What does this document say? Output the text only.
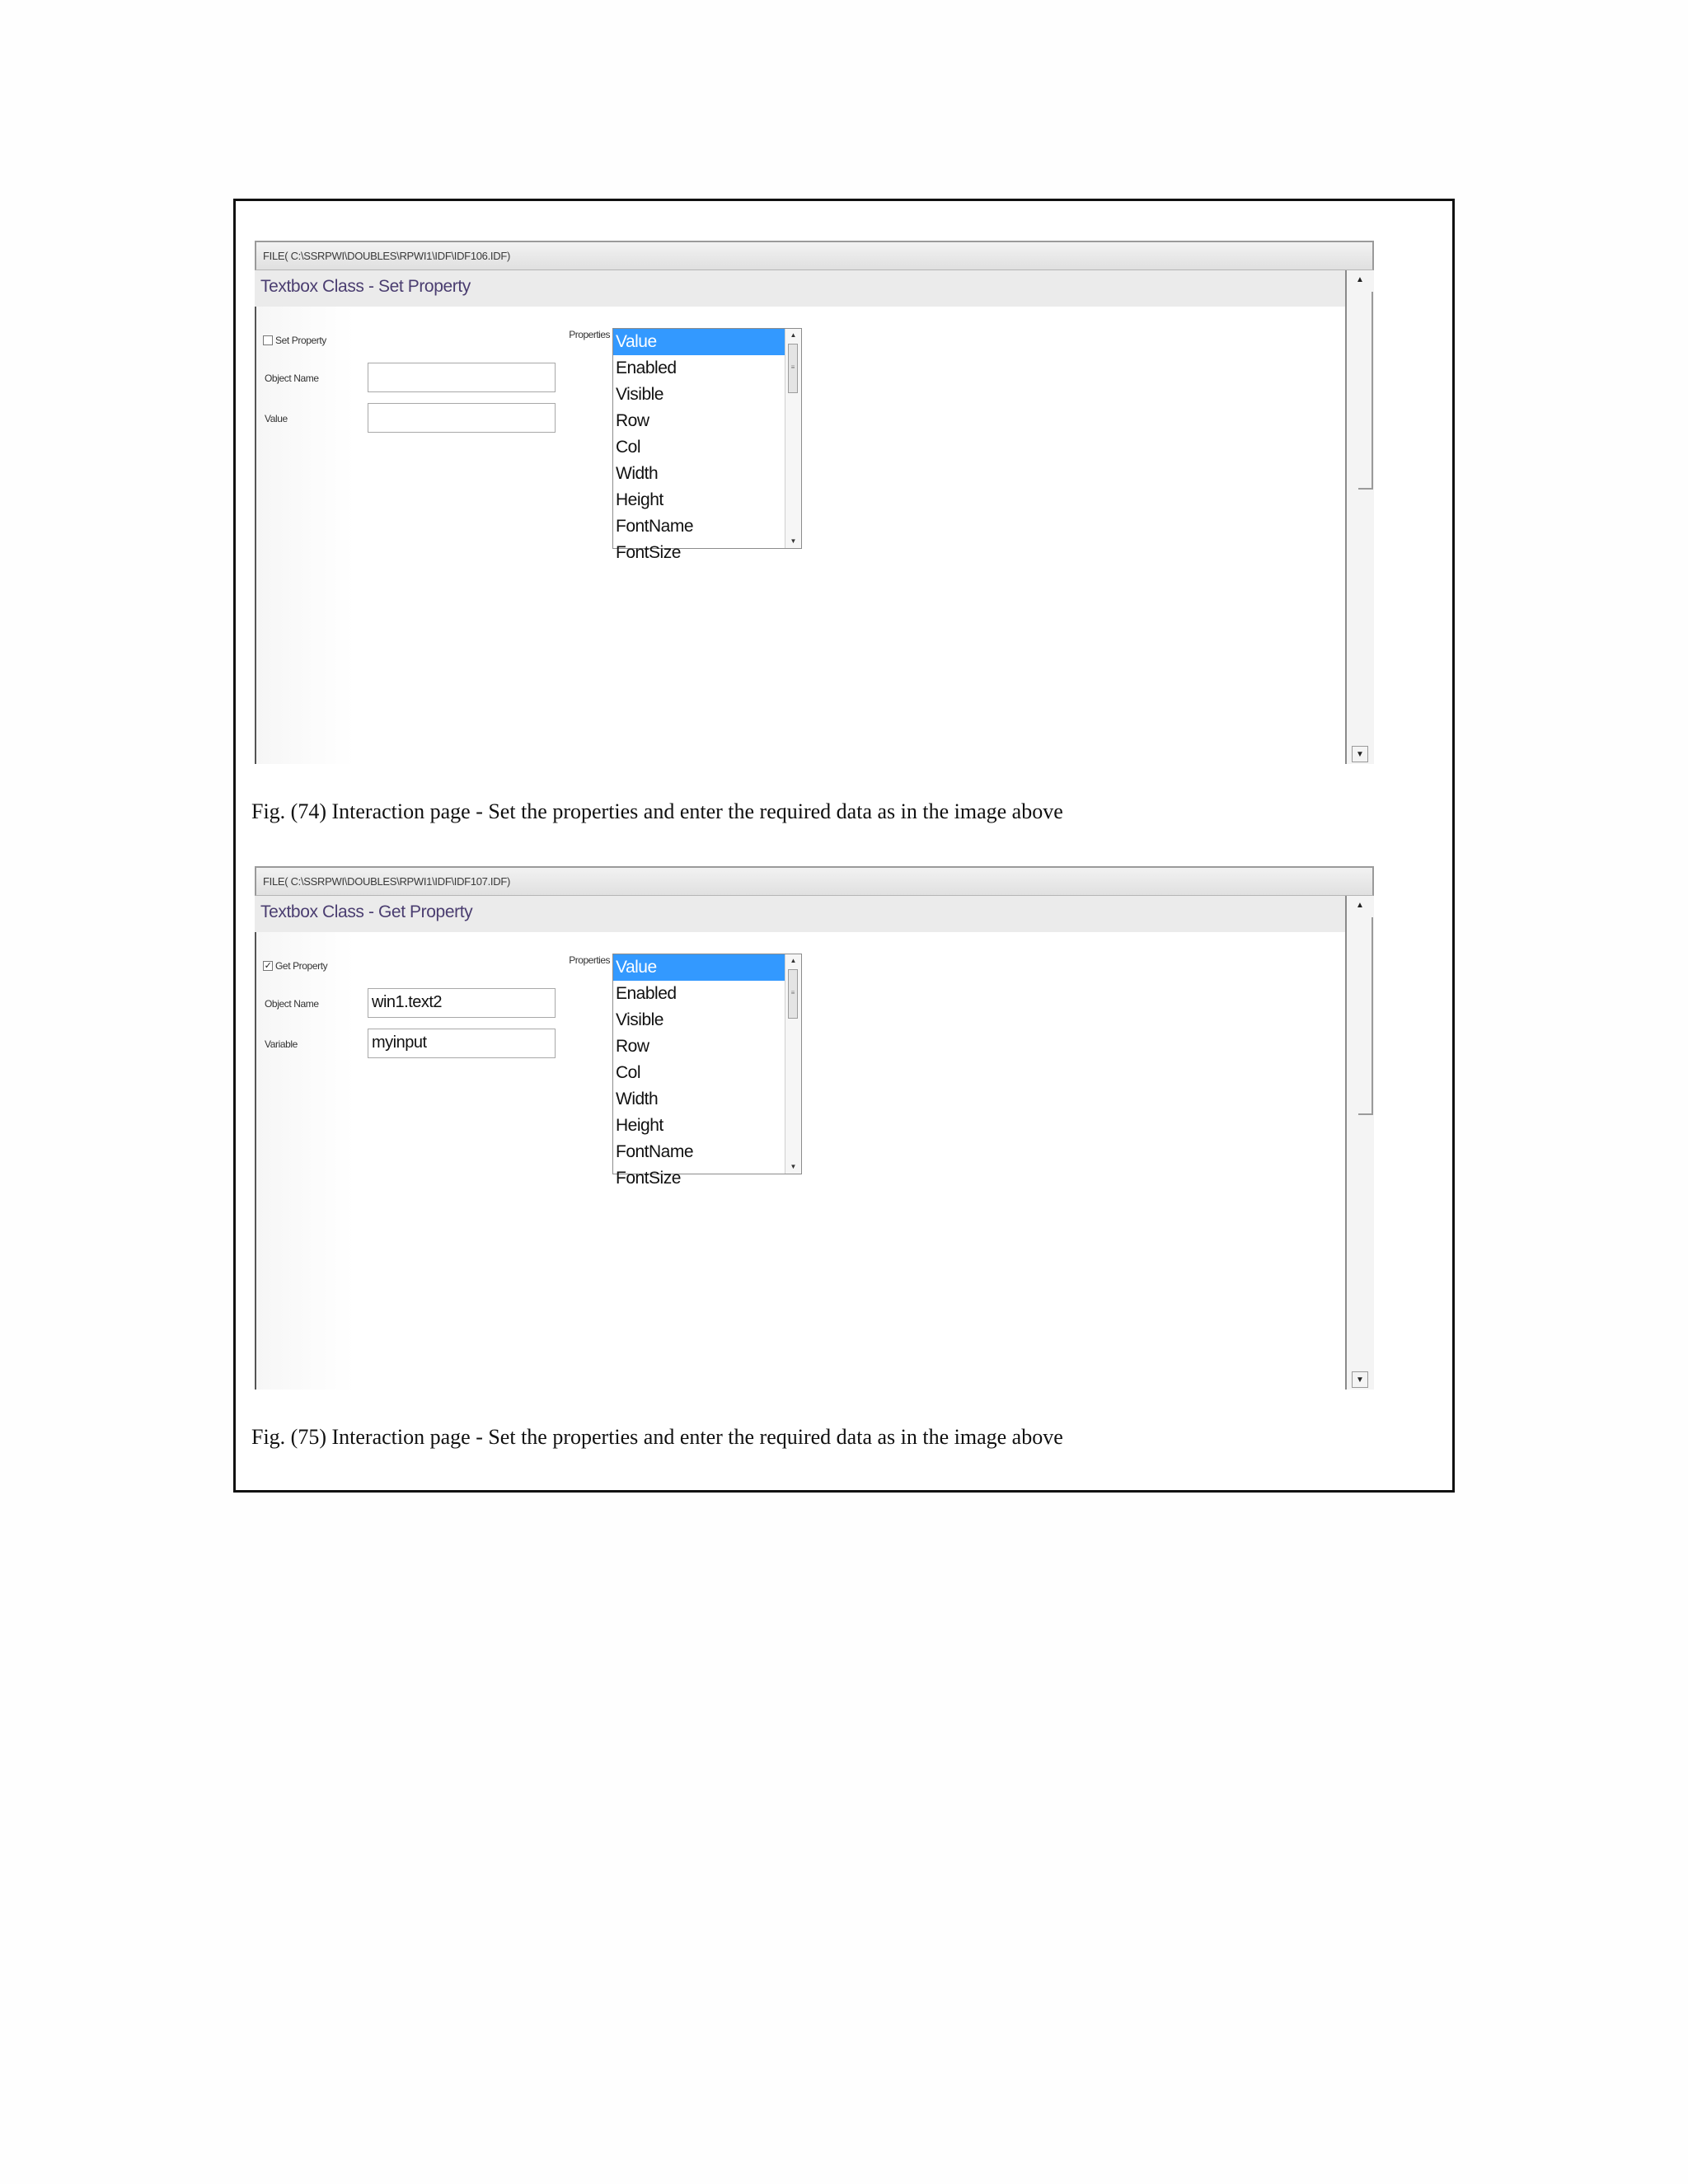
FILE( C:\SSRPWI\DOUBLES\RPWI1\IDF\IDF106.IDF)
Textbox Class - Set Property
Set Property
Object Name
Value
Properties Value
Enabled
Visible
Row
Col
Width
Height
FontName
FontSize
▲
≡
▼
▲
▼
Fig. (74) Interaction page - Set the properties and enter the required data as in the image above
FILE( C:\SSRPWI\DOUBLES\RPWI1\IDF\IDF107.IDF)
Textbox Class - Get Property
✓ Get Property
Object Name	win1.text2
Variable	myinput
Properties Value
Enabled
Visible
Row
Col
Width
Height
FontName
FontSize
▲
≡
▼
▲
▼
Fig. (75) Interaction page - Set the properties and enter the required data as in the image above
